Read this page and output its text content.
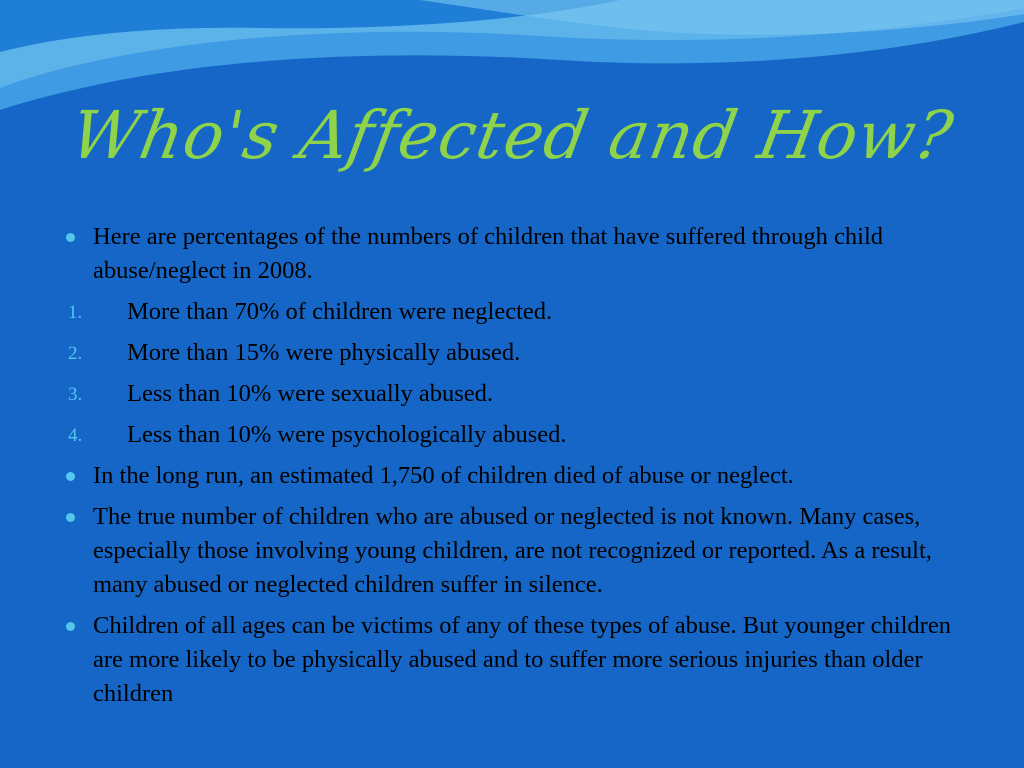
Who's Affected and How?
Here are percentages of the numbers of children that have suffered through child abuse/neglect in 2008.
1. More than 70% of children were neglected.
2. More than 15% were physically abused.
3. Less than 10% were sexually abused.
4. Less than 10% were psychologically abused.
In the long run, an estimated 1,750 of children died of abuse or neglect.
The true number of children who are abused or neglected is not known. Many cases, especially those involving young children, are not recognized or reported. As a result, many abused or neglected children suffer in silence.
Children of all ages can be victims of any of these types of abuse. But younger children are more likely to be physically abused and to suffer more serious injuries than older children
